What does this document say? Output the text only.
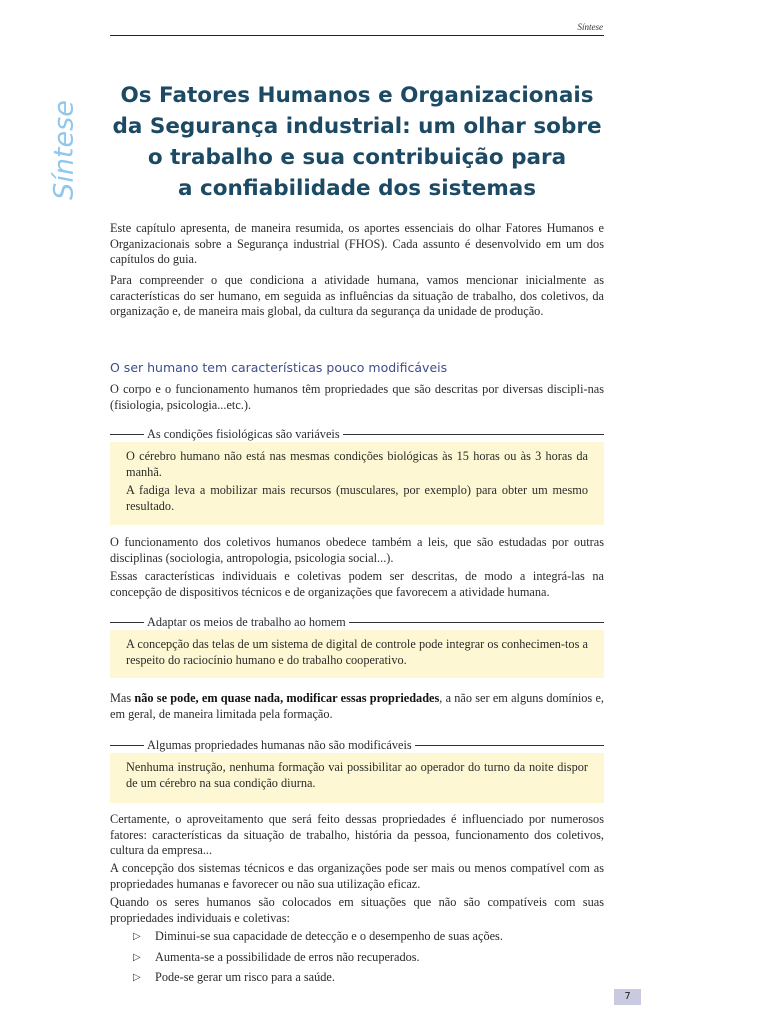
Síntese
Síntese
Os Fatores Humanos e Organizacionais
da Segurança industrial: um olhar sobre
o trabalho e sua contribuição para
a confiabilidade dos sistemas

Este capítulo apresenta, de maneira resumida, os aportes essenciais do olhar Fatores Humanos e Organizacionais sobre a Segurança industrial (FHOS). Cada assunto é desenvolvido em um dos capítulos do guia.

Para compreender o que condiciona a atividade humana, vamos mencionar inicialmente as características do ser humano, em seguida as influências da situação de trabalho, dos coletivos, da organização e, de maneira mais global, da cultura da segurança da unidade de produção.

O ser humano tem características pouco modificáveis

O corpo e o funcionamento humanos têm propriedades que são descritas por diversas discipli-nas (fisiologia, psicologia...etc.).

As condições fisiológicas são variáveis

O cérebro humano não está nas mesmas condições biológicas às 15 horas ou às 3 horas da manhã.

A fadiga leva a mobilizar mais recursos (musculares, por exemplo) para obter um mesmo resultado.

O funcionamento dos coletivos humanos obedece também a leis, que são estudadas por outras disciplinas (sociologia, antropologia, psicologia social...).

Essas características individuais e coletivas podem ser descritas, de modo a integrá-las na concepção de dispositivos técnicos e de organizações que favorecem a atividade humana.

Adaptar os meios de trabalho ao homem

A concepção das telas de um sistema de digital de controle pode integrar os conhecimen-tos a respeito do raciocínio humano e do trabalho cooperativo.

Mas não se pode, em quase nada, modificar essas propriedades, a não ser em alguns domínios e, em geral, de maneira limitada pela formação.

Algumas propriedades humanas não são modificáveis

Nenhuma instrução, nenhuma formação vai possibilitar ao operador do turno da noite dispor de um cérebro na sua condição diurna.

Certamente, o aproveitamento que será feito dessas propriedades é influenciado por numerosos fatores: características da situação de trabalho, história da pessoa, funcionamento dos coletivos, cultura da empresa...

A concepção dos sistemas técnicos e das organizações pode ser mais ou menos compatível com as propriedades humanas e favorecer ou não sua utilização eficaz.

Quando os seres humanos são colocados em situações que não são compatíveis com suas propriedades individuais e coletivas:

▷	Diminui-se sua capacidade de detecção e o desempenho de suas ações.
▷	Aumenta-se a possibilidade de erros não recuperados.
▷	Pode-se gerar um risco para a saúde.
7
